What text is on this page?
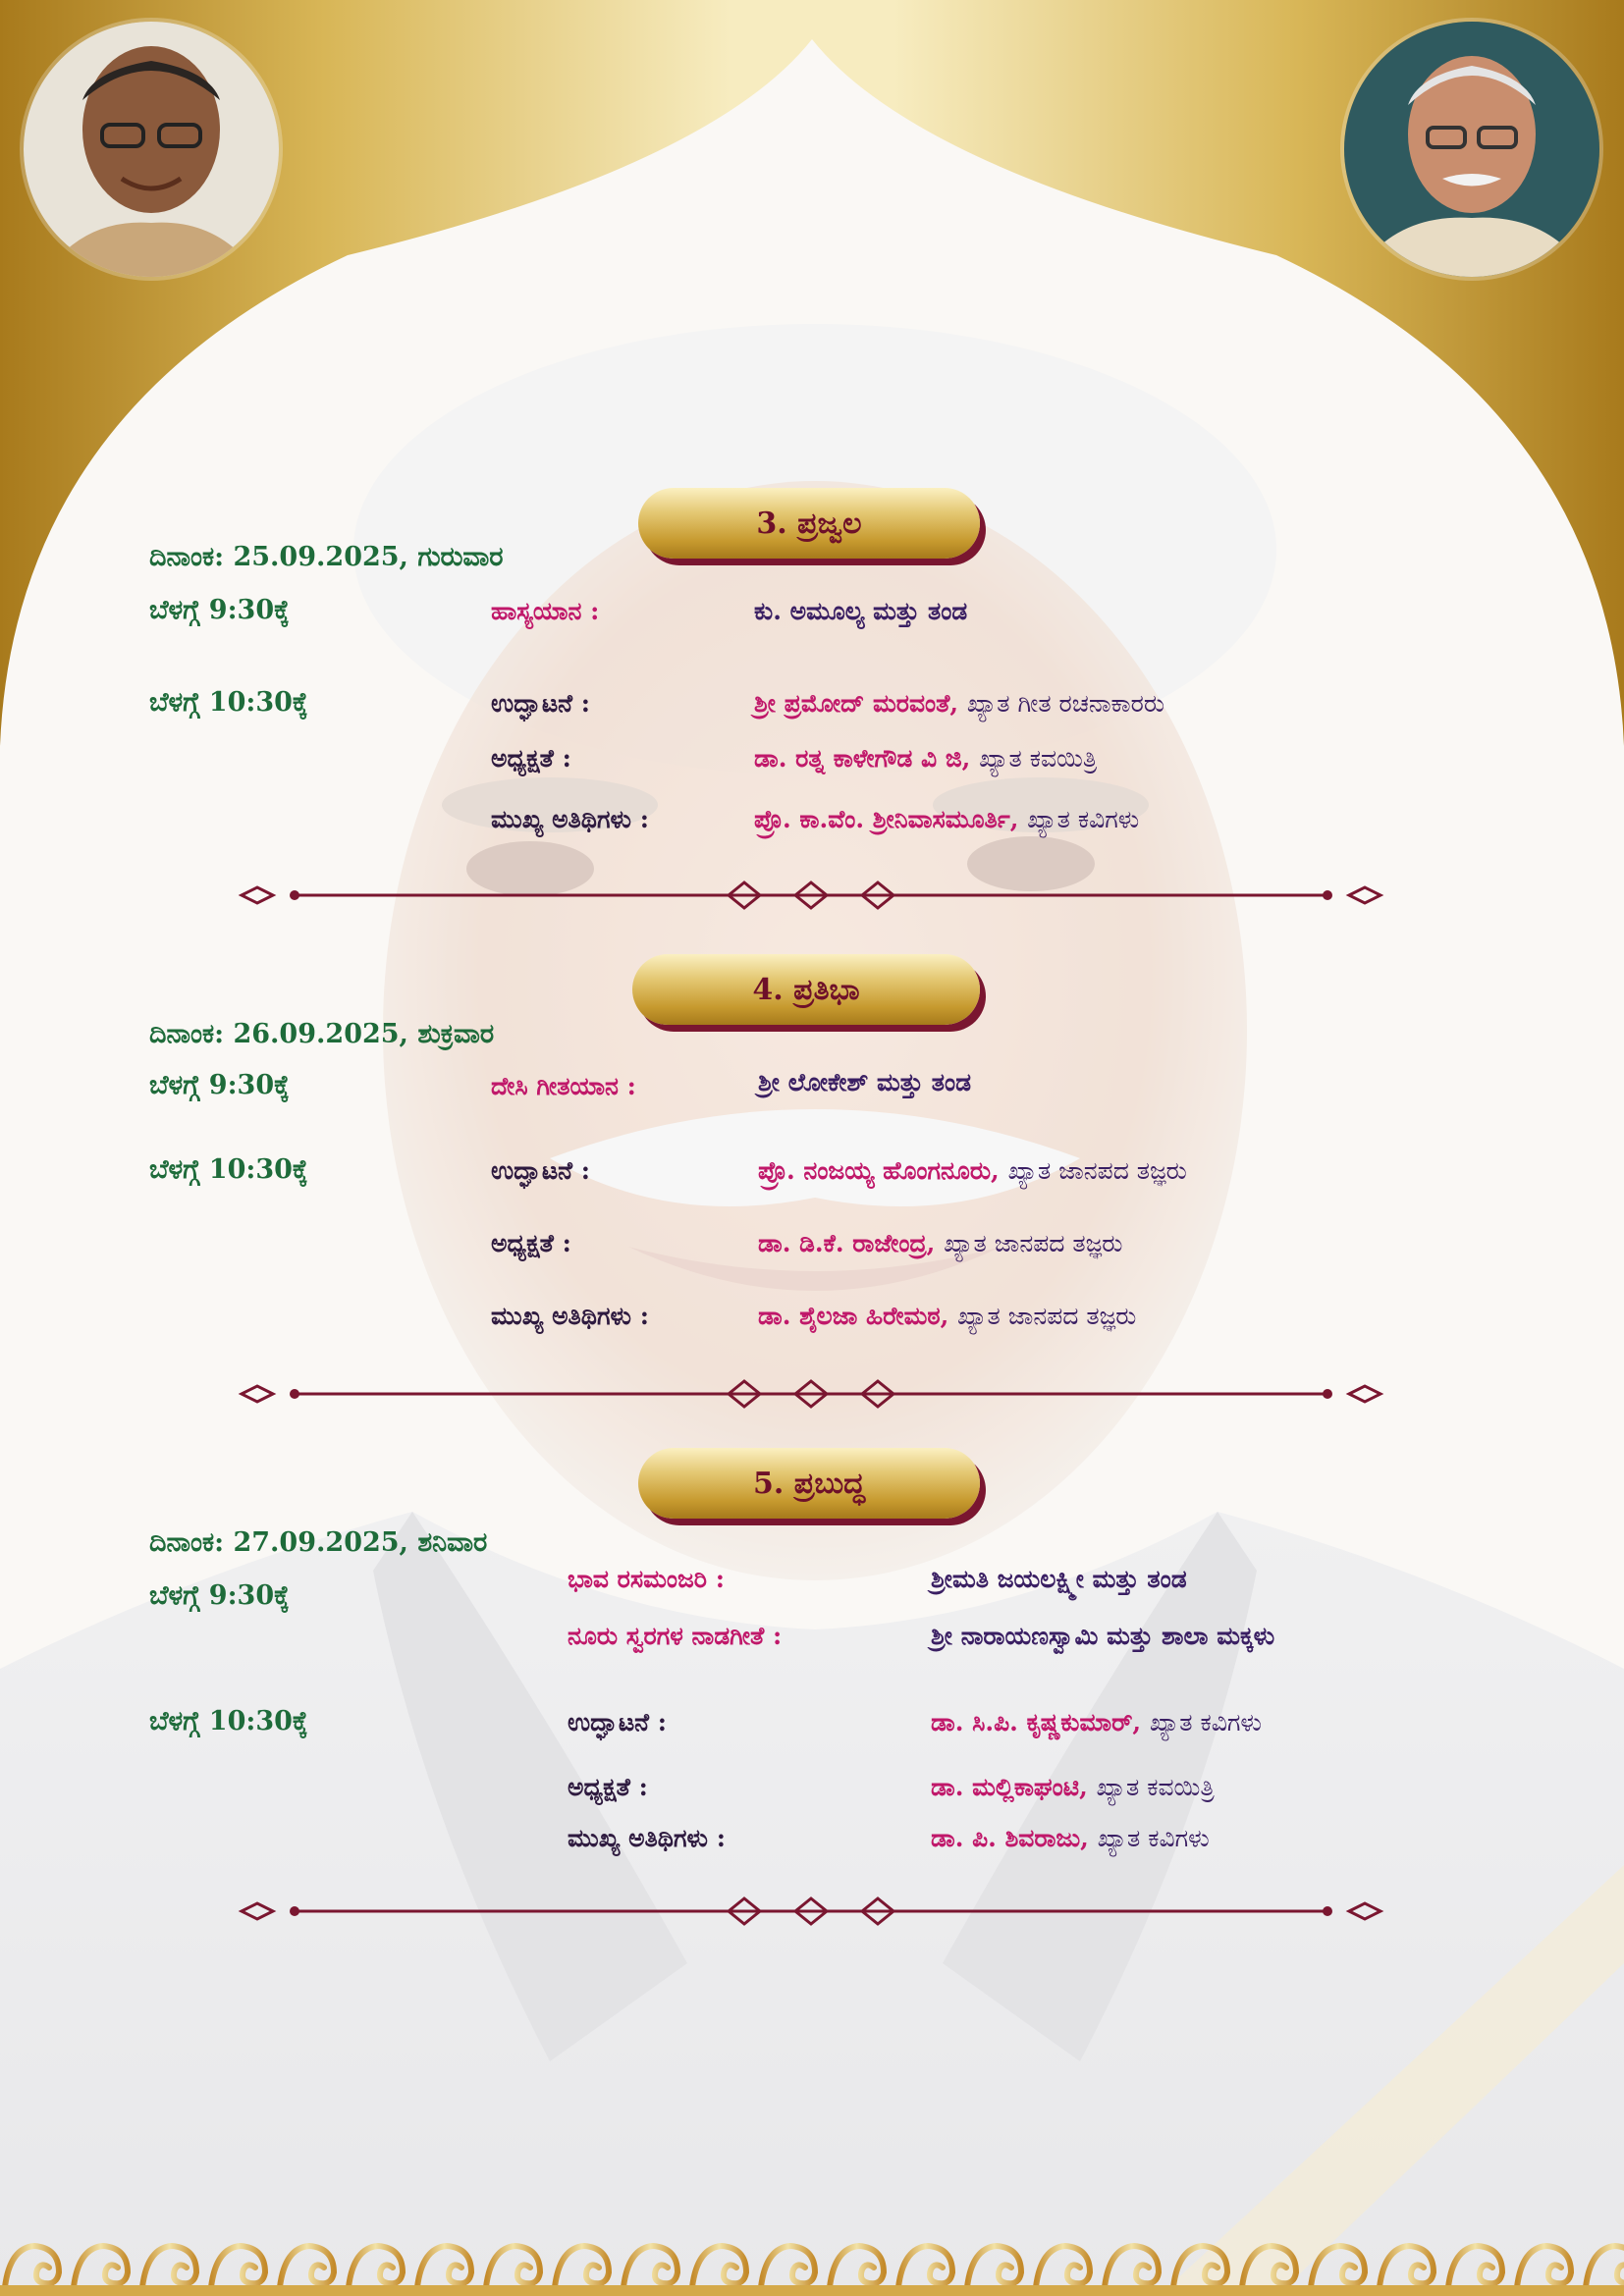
3. ಪ್ರಜ್ವಲ
ದಿನಾಂಕ: 25.09.2025, ಗುರುವಾರ
ಬೆಳಗ್ಗೆ 9:30ಕ್ಕೆ	ಹಾಸ್ಯಯಾನ :	ಕು. ಅಮೂಲ್ಯ ಮತ್ತು ತಂಡ
ಬೆಳಗ್ಗೆ 10:30ಕ್ಕೆ	ಉದ್ಘಾಟನೆ :	ಶ್ರೀ ಪ್ರಮೋದ್ ಮರವಂತೆ, ಖ್ಯಾತ ಗೀತ ರಚನಾಕಾರರು
ಅಧ್ಯಕ್ಷತೆ :	ಡಾ. ರತ್ನ ಕಾಳೇಗೌಡ ವಿ ಜಿ, ಖ್ಯಾತ ಕವಯಿತ್ರಿ
ಮುಖ್ಯ ಅತಿಥಿಗಳು :	ಪ್ರೊ. ಕಾ.ವೆಂ. ಶ್ರೀನಿವಾಸಮೂರ್ತಿ, ಖ್ಯಾತ ಕವಿಗಳು
4. ಪ್ರತಿಭಾ
ದಿನಾಂಕ: 26.09.2025, ಶುಕ್ರವಾರ
ಬೆಳಗ್ಗೆ 9:30ಕ್ಕೆ	ದೇಸಿ ಗೀತಯಾನ :	ಶ್ರೀ ಲೋಕೇಶ್ ಮತ್ತು ತಂಡ
ಬೆಳಗ್ಗೆ 10:30ಕ್ಕೆ	ಉದ್ಘಾಟನೆ :	ಪ್ರೊ. ನಂಜಯ್ಯ ಹೊಂಗನೂರು, ಖ್ಯಾತ ಜಾನಪದ ತಜ್ಞರು
ಅಧ್ಯಕ್ಷತೆ :	ಡಾ. ಡಿ.ಕೆ. ರಾಜೇಂದ್ರ, ಖ್ಯಾತ ಜಾನಪದ ತಜ್ಞರು
ಮುಖ್ಯ ಅತಿಥಿಗಳು :	ಡಾ. ಶೈಲಜಾ ಹಿರೇಮಠ, ಖ್ಯಾತ ಜಾನಪದ ತಜ್ಞರು
5. ಪ್ರಬುದ್ಧ
ದಿನಾಂಕ: 27.09.2025, ಶನಿವಾರ
ಬೆಳಗ್ಗೆ 9:30ಕ್ಕೆ
ಭಾವ ರಸಮಂಜರಿ :	ಶ್ರೀಮತಿ ಜಯಲಕ್ಷ್ಮೀ ಮತ್ತು ತಂಡ
ನೂರು ಸ್ವರಗಳ ನಾಡಗೀತೆ :	ಶ್ರೀ ನಾರಾಯಣಸ್ವಾಮಿ ಮತ್ತು ಶಾಲಾ ಮಕ್ಕಳು
ಬೆಳಗ್ಗೆ 10:30ಕ್ಕೆ	ಉದ್ಘಾಟನೆ :	ಡಾ. ಸಿ.ಪಿ. ಕೃಷ್ಣಕುಮಾರ್, ಖ್ಯಾತ ಕವಿಗಳು
ಅಧ್ಯಕ್ಷತೆ :	ಡಾ. ಮಲ್ಲಿಕಾಘಂಟಿ, ಖ್ಯಾತ ಕವಯಿತ್ರಿ
ಮುಖ್ಯ ಅತಿಥಿಗಳು :	ಡಾ. ಪಿ. ಶಿವರಾಜು, ಖ್ಯಾತ ಕವಿಗಳು
